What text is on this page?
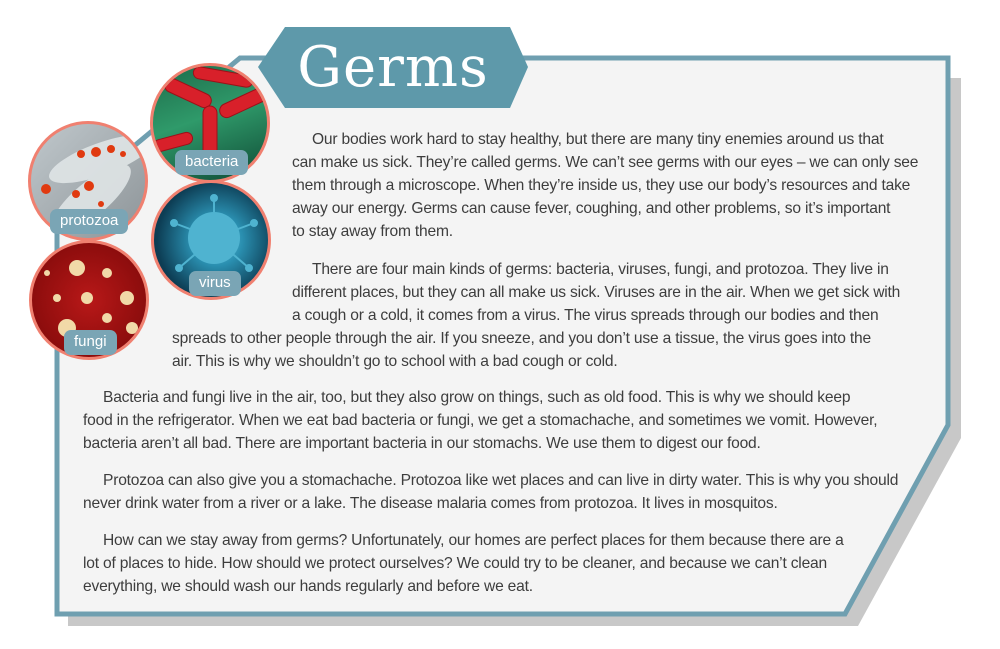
Germs
bacteria
protozoa
virus
fungi
Our bodies work hard to stay healthy, but there are many tiny enemies around us that
can make us sick. They’re called germs. We can’t see germs with our eyes – we can only see
them through a microscope. When they’re inside us, they use our body’s resources and take
away our energy. Germs can cause fever, coughing, and other problems, so it’s important
to stay away from them.
There are four main kinds of germs: bacteria, viruses, fungi, and protozoa. They live in
different places, but they can all make us sick. Viruses are in the air. When we get sick with
a cough or a cold, it comes from a virus. The virus spreads through our bodies and then
spreads to other people through the air. If you sneeze, and you don’t use a tissue, the virus goes into the
air. This is why we shouldn’t go to school with a bad cough or cold.
Bacteria and fungi live in the air, too, but they also grow on things, such as old food. This is why we should keep
food in the refrigerator. When we eat bad bacteria or fungi, we get a stomachache, and sometimes we vomit. However,
bacteria aren’t all bad. There are important bacteria in our stomachs. We use them to digest our food.
Protozoa can also give you a stomachache. Protozoa like wet places and can live in dirty water. This is why you should
never drink water from a river or a lake. The disease malaria comes from protozoa. It lives in mosquitos.
How can we stay away from germs? Unfortunately, our homes are perfect places for them because there are a
lot of places to hide. How should we protect ourselves? We could try to be cleaner, and because we can’t clean
everything, we should wash our hands regularly and before we eat.
